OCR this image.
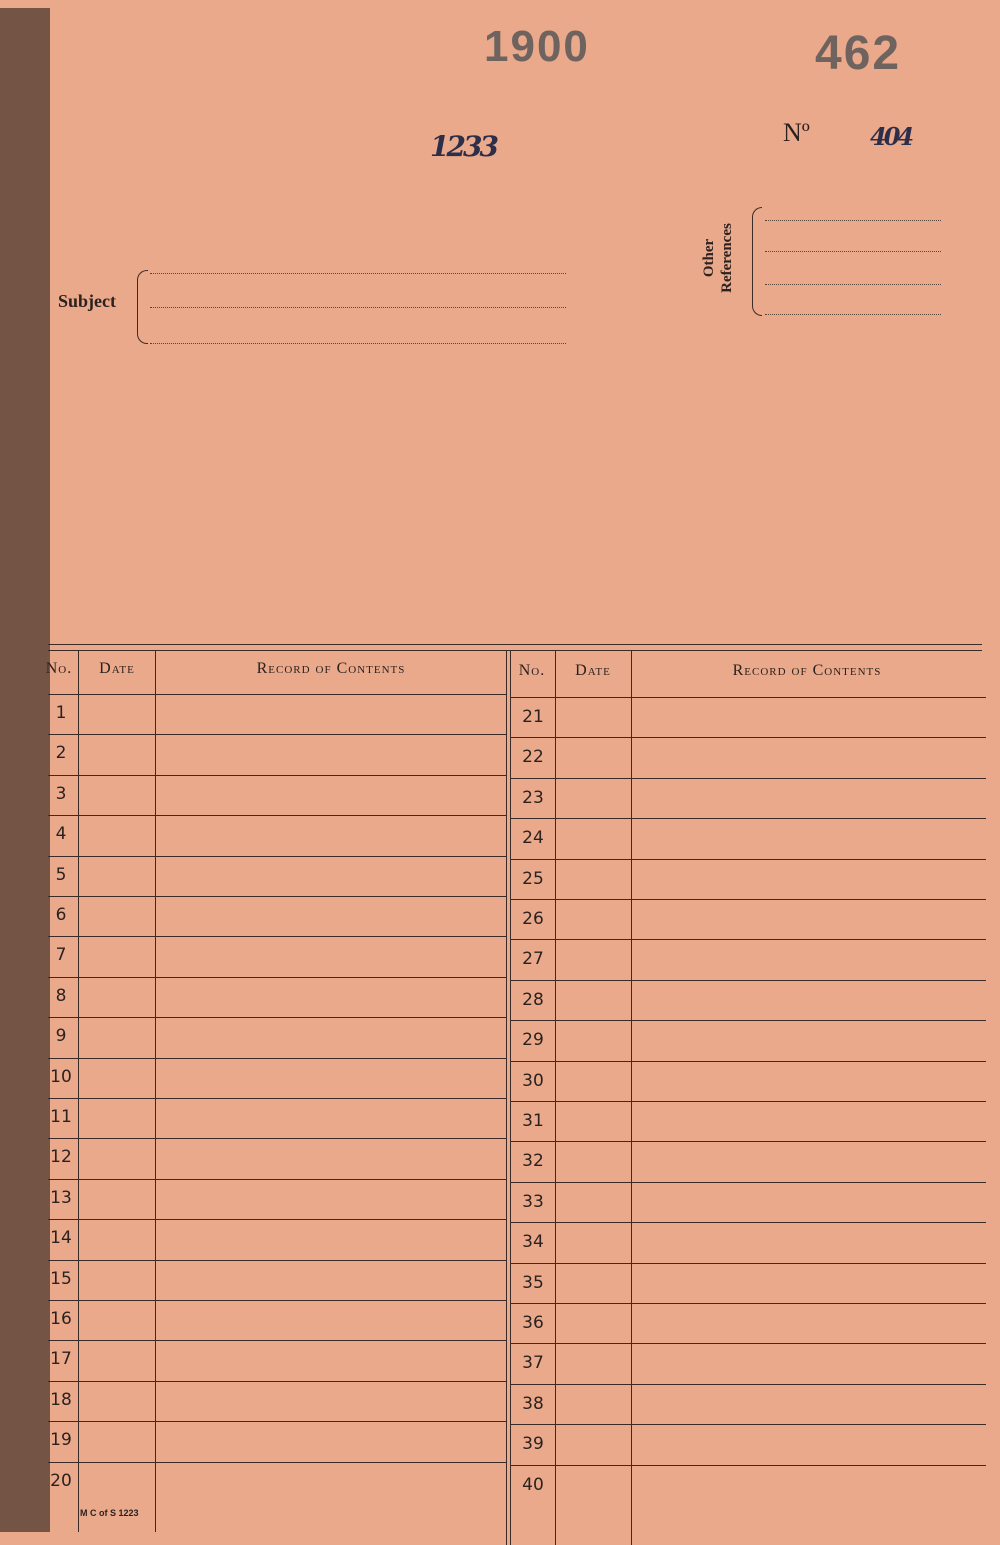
1900	462
1233	Nº	404
Subject
Other References
No.	Date	Record of Contents	No.	Date	Record of Contents
1
2
3
4
5
6
7
8
9
10
11
12
13
14
15
16
17
18
19
20
21
22
23
24
25
26
27
28
29
30
31
32
33
34
35
36
37
38
39
40
M C of S 1223
